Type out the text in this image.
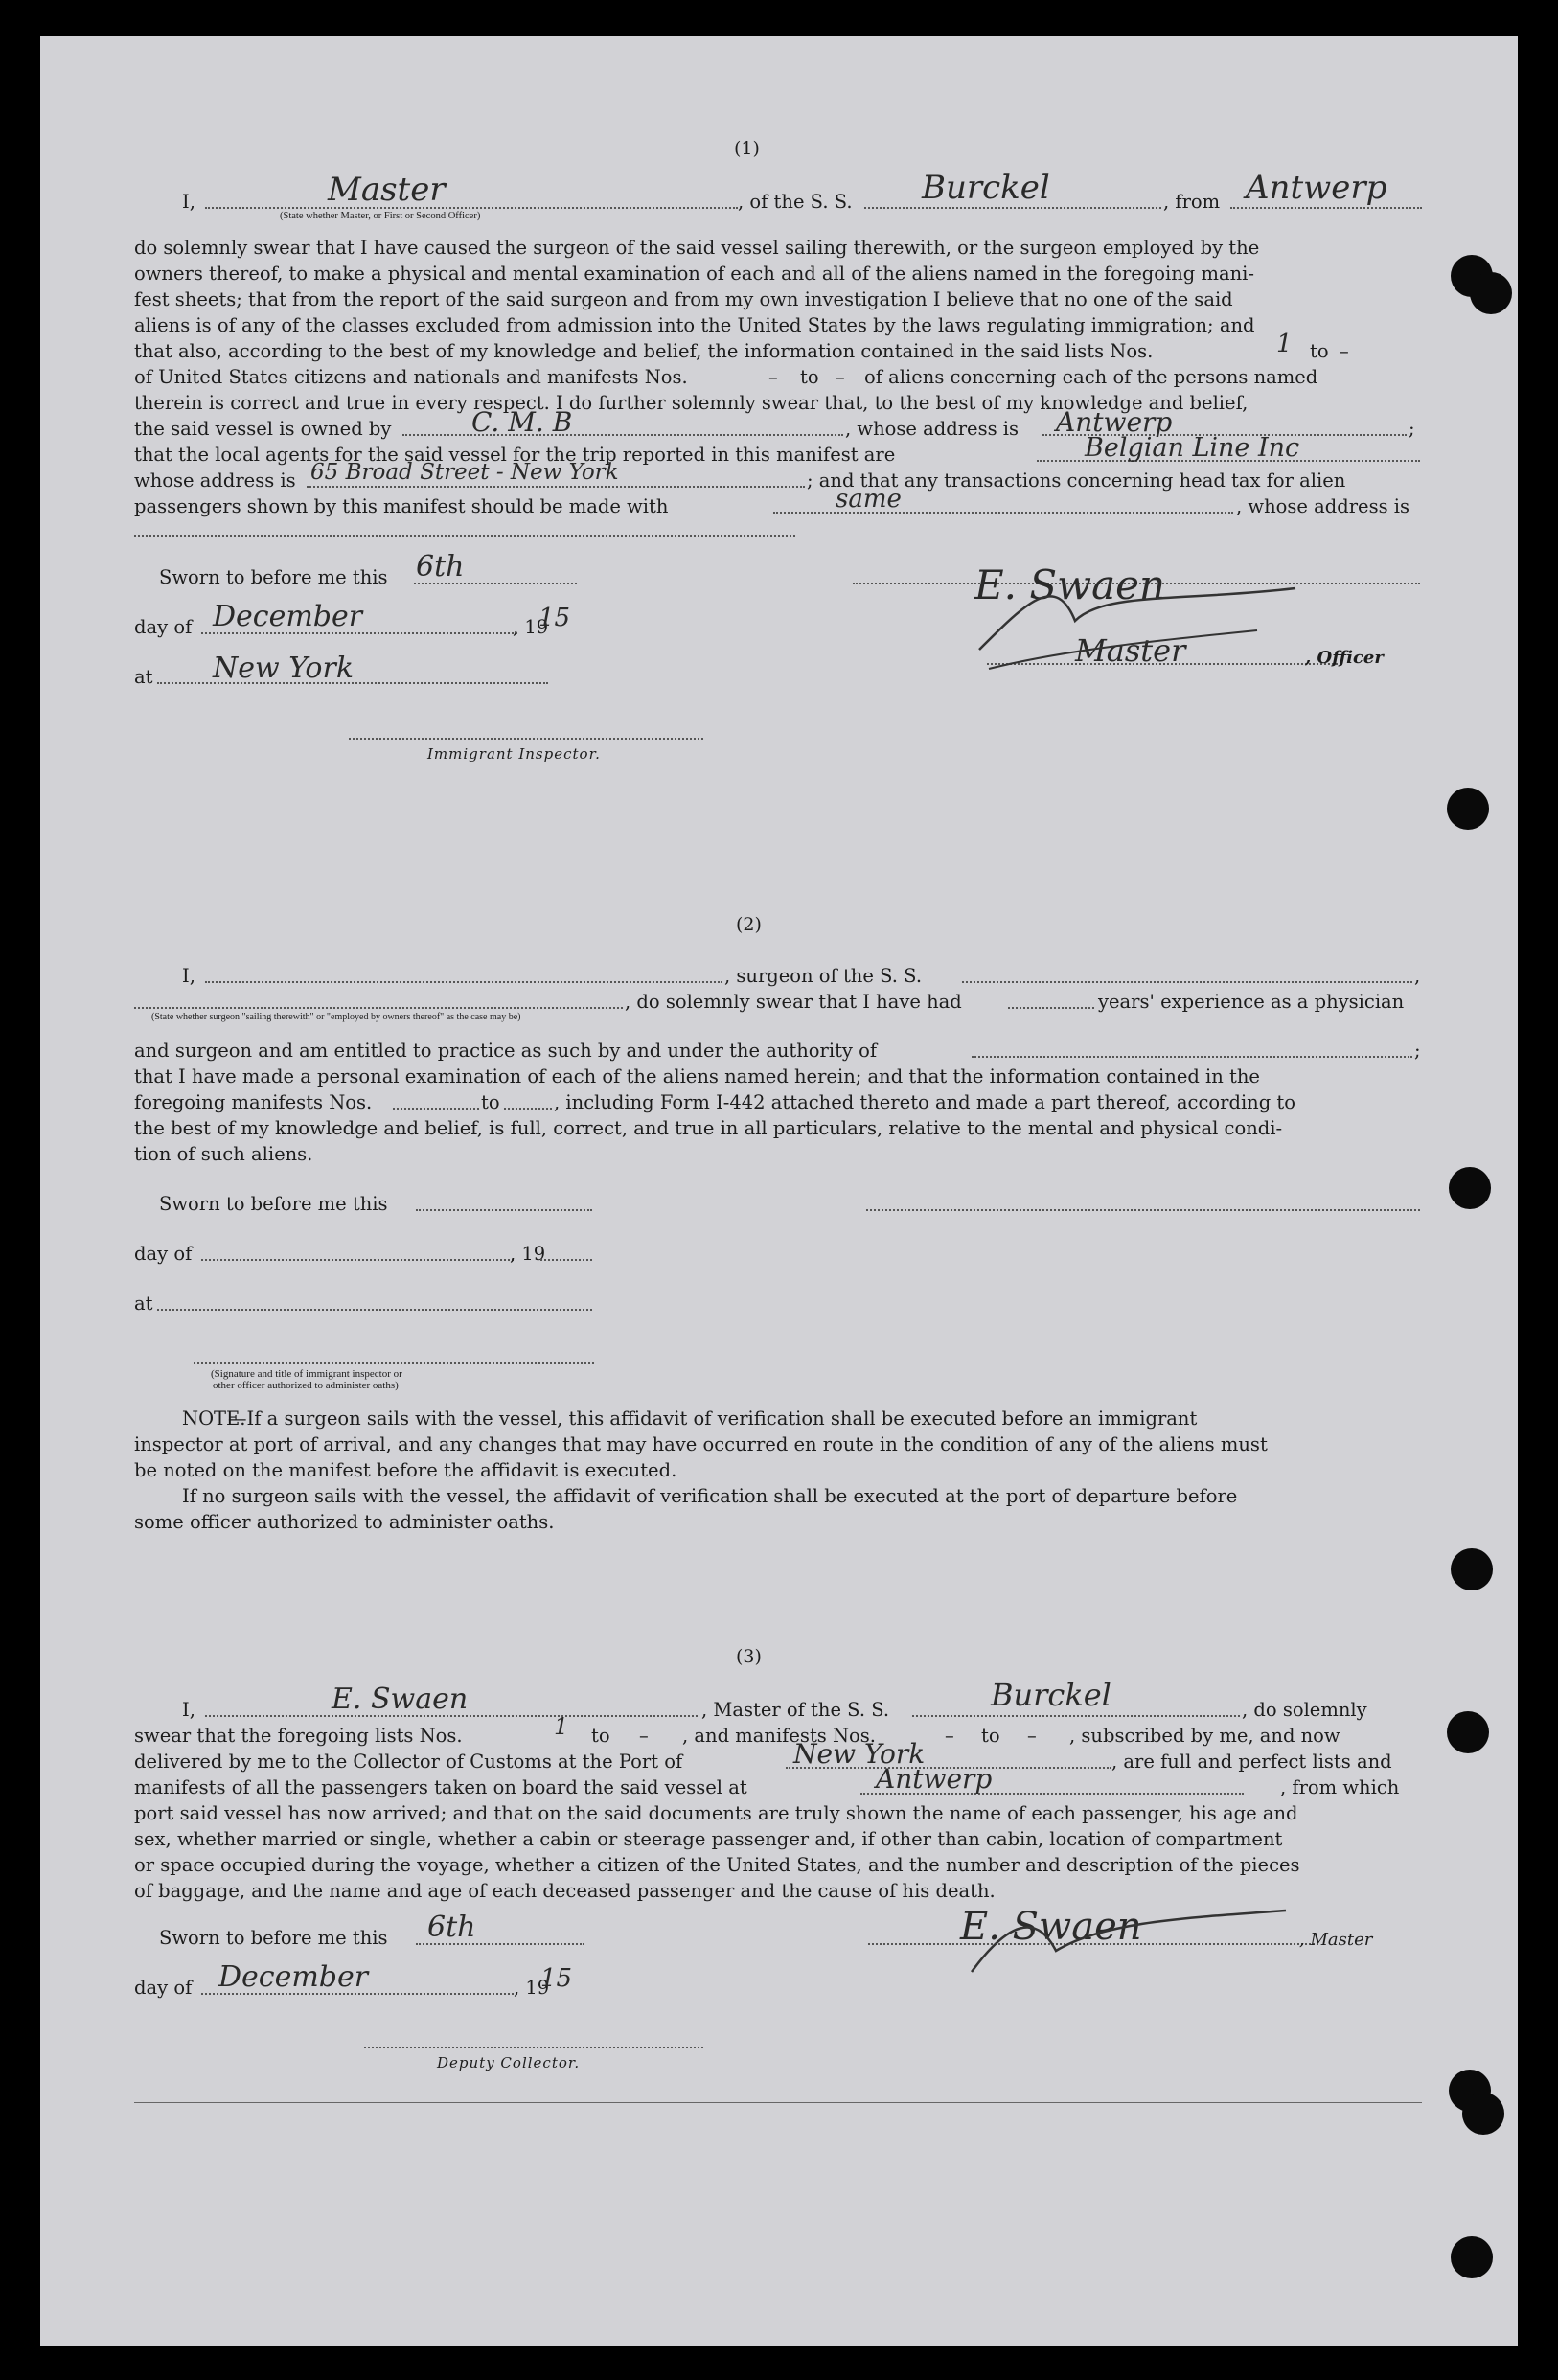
(1)
I,	Master	, of the S. S. Burckel	, from Antwerp
(State whether Master, or First or Second Officer)
do solemnly swear that I have caused the surgeon of the said vessel sailing therewith, or the surgeon employed by the
owners thereof, to make a physical and mental examination of each and all of the aliens named in the foregoing mani-
fest sheets; that from the report of the said surgeon and from my own investigation I believe that no one of the said
aliens is of any of the classes excluded from admission into the United States by the laws regulating immigration; and
that also, according to the best of my knowledge and belief, the information contained in the said lists Nos.	1 to –
of United States citizens and nationals and manifests Nos.	– to – of aliens concerning each of the persons named
therein is correct and true in every respect. I do further solemnly swear that, to the best of my knowledge and belief,
the said vessel is owned by	C. M. B	, whose address is Antwerp	;
that the local agents for the said vessel for the trip reported in this manifest are	Belgian Line Inc
whose address is 65 Broad Street - New York	; and that any transactions concerning head tax for alien
passengers shown by this manifest should be made with	same	, whose address is
Sworn to before me this 6th	E. Swaen
day of December	, 19
15
Master	, Officer
at New York
Immigrant Inspector.
(2)
I,	, surgeon of the S. S.	,
, do solemnly swear that I have had	years' experience as a physician
(State whether surgeon "sailing therewith" or "employed by owners thereof" as the case may be)
and surgeon and am entitled to practice as such by and under the authority of	;
that I have made a personal examination of each of the aliens named herein; and that the information contained in the
foregoing manifests Nos.	to	, including Form I-442 attached thereto and made a part thereof, according to
the best of my knowledge and belief, is full, correct, and true in all particulars, relative to the mental and physical condi-
tion of such aliens.
Sworn to before me this
day of	, 19
at
(Signature and title of immigrant inspector or
other officer authorized to administer oaths)
NOTE.
—If a surgeon sails with the vessel, this affidavit of verification shall be executed before an immigrant
inspector at port of arrival, and any changes that may have occurred en route in the condition of any of the aliens must
be noted on the manifest before the affidavit is executed.
If no surgeon sails with the vessel, the affidavit of verification shall be executed at the port of departure before
some officer authorized to administer oaths.
(3)
I,	E. Swaen	, Master of the S. S.	Burckel	, do solemnly
swear that the foregoing lists Nos.	1 to – , and manifests Nos.	– to – , subscribed by me, and now
delivered by me to the Collector of Customs at the Port of	New York	, are full and perfect lists and
manifests of all the passengers taken on board the said vessel at	Antwerp	, from which
port said vessel has now arrived; and that on the said documents are truly shown the name of each passenger, his age and
sex, whether married or single, whether a cabin or steerage passenger and, if other than cabin, location of compartment
or space occupied during the voyage, whether a citizen of the United States, and the number and description of the pieces
of baggage, and the name and age of each deceased passenger and the cause of his death.
Sworn to before me this 6th	E. Swaen	, Master
day of December	, 19
15
Deputy Collector.
